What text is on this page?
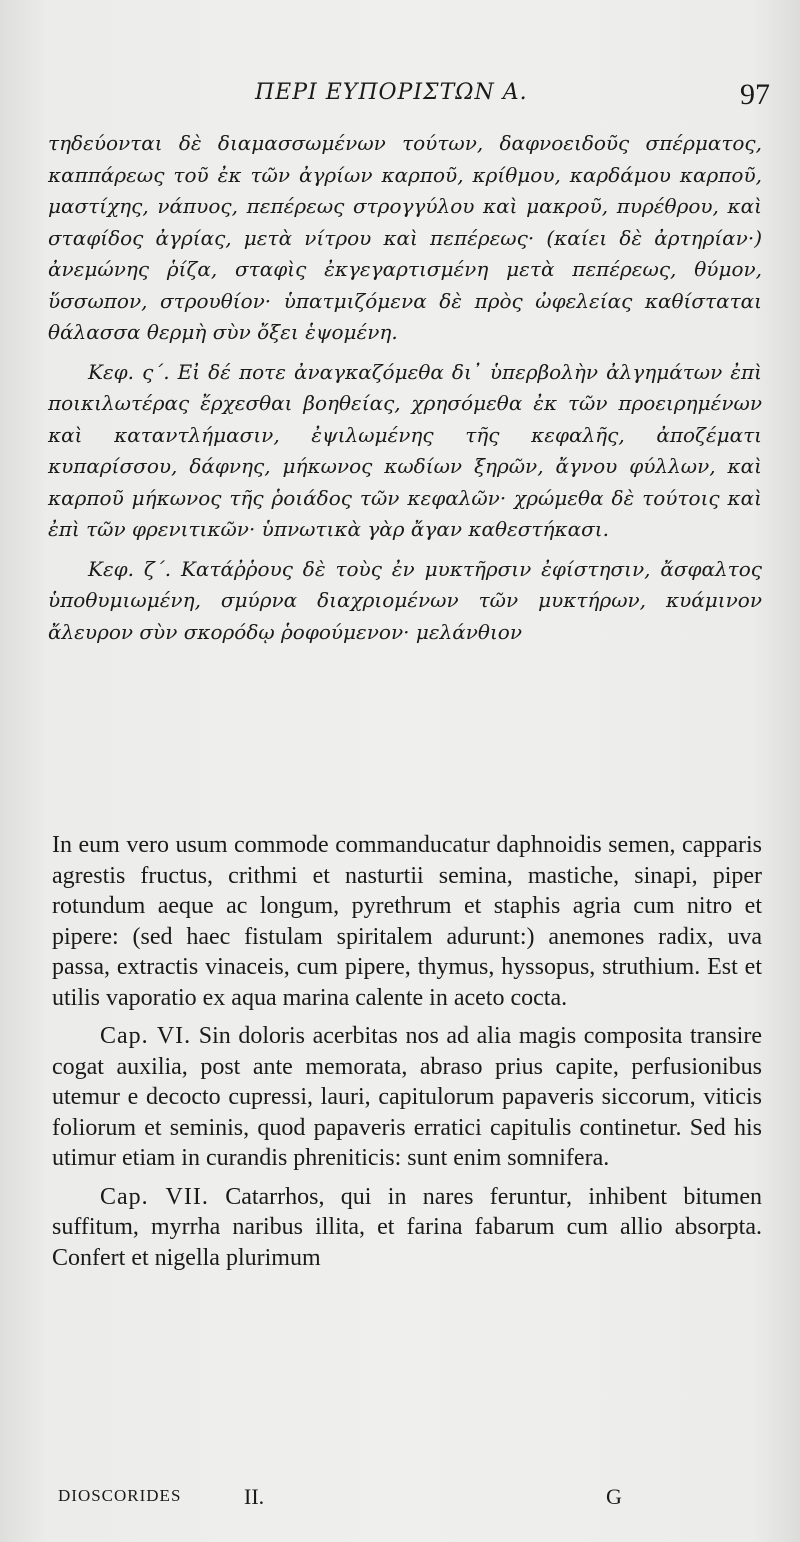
ΠΕΡΙ ΕΥΠΟΡΙΣΤΩΝ Α.	97

τηδεύονται δὲ διαμασσωμένων τούτων, δαφνοειδοῦς σπέρματος, καππάρεως τοῦ ἐκ τῶν ἀγρίων καρποῦ, κρίθμου, καρδάμου καρποῦ, μαστίχης, νάπυος, πεπέρεως στρογγύλου καὶ μακροῦ, πυρέθρου, καὶ σταφίδος ἀγρίας, μετὰ νίτρου καὶ πεπέρεως· (καίει δὲ ἀρτηρίαν·) ἀνεμώνης ῥίζα, σταφὶς ἐκγεγαρτισμένη μετὰ πεπέρεως, θύμον, ὕσσωπον, στρουθίον· ὑπατμιζόμενα δὲ πρὸς ὠφελείας καθίσταται θάλασσα θερμὴ σὺν ὄξει ἑψομένη.

Κεφ. ς΄. Εἰ δέ ποτε ἀναγκαζόμεθα δι᾽ ὑπερβολὴν ἀλγημάτων ἐπὶ ποικιλωτέρας ἔρχεσθαι βοηθείας, χρησόμεθα ἐκ τῶν προειρημένων καὶ καταντλήμασιν, ἐψιλωμένης τῆς κεφαλῆς, ἀποζέματι κυπαρίσσου, δάφνης, μήκωνος κωδίων ξηρῶν, ἄγνου φύλλων, καὶ καρποῦ μήκωνος τῆς ῥοιάδος τῶν κεφαλῶν· χρώμεθα δὲ τούτοις καὶ ἐπὶ τῶν φρενιτικῶν· ὑπνωτικὰ γὰρ ἄγαν καθεστήκασι.

Κεφ. ζ΄. Κατάῤῥους δὲ τοὺς ἐν μυκτῆρσιν ἐφίστησιν, ἄσφαλτος ὑποθυμιωμένη, σμύρνα διαχριομένων τῶν μυκτήρων, κυάμινον ἄλευρον σὺν σκορόδῳ ῥοφούμενον· μελάνθιον

In eum vero usum commode commanducatur daphnoidis semen, capparis agrestis fructus, crithmi et nasturtii semina, mastiche, sinapi, piper rotundum aeque ac longum, pyrethrum et staphis agria cum nitro et pipere: (sed haec fistulam spiritalem adurunt:) anemones radix, uva passa, extractis vinaceis, cum pipere, thymus, hyssopus, struthium. Est et utilis vaporatio ex aqua marina calente in aceto cocta.

Cap. VI. Sin doloris acerbitas nos ad alia magis composita transire cogat auxilia, post ante memorata, abraso prius capite, perfusionibus utemur e decocto cupressi, lauri, capitulorum papaveris siccorum, viticis foliorum et seminis, quod papaveris erratici capitulis continetur. Sed his utimur etiam in curandis phreniticis: sunt enim somnifera.

Cap. VII. Catarrhos, qui in nares feruntur, inhibent bitumen suffitum, myrrha naribus illita, et farina fabarum cum allio absorpta. Confert et nigella plurimum

DIOSCORIDES	II.	G
